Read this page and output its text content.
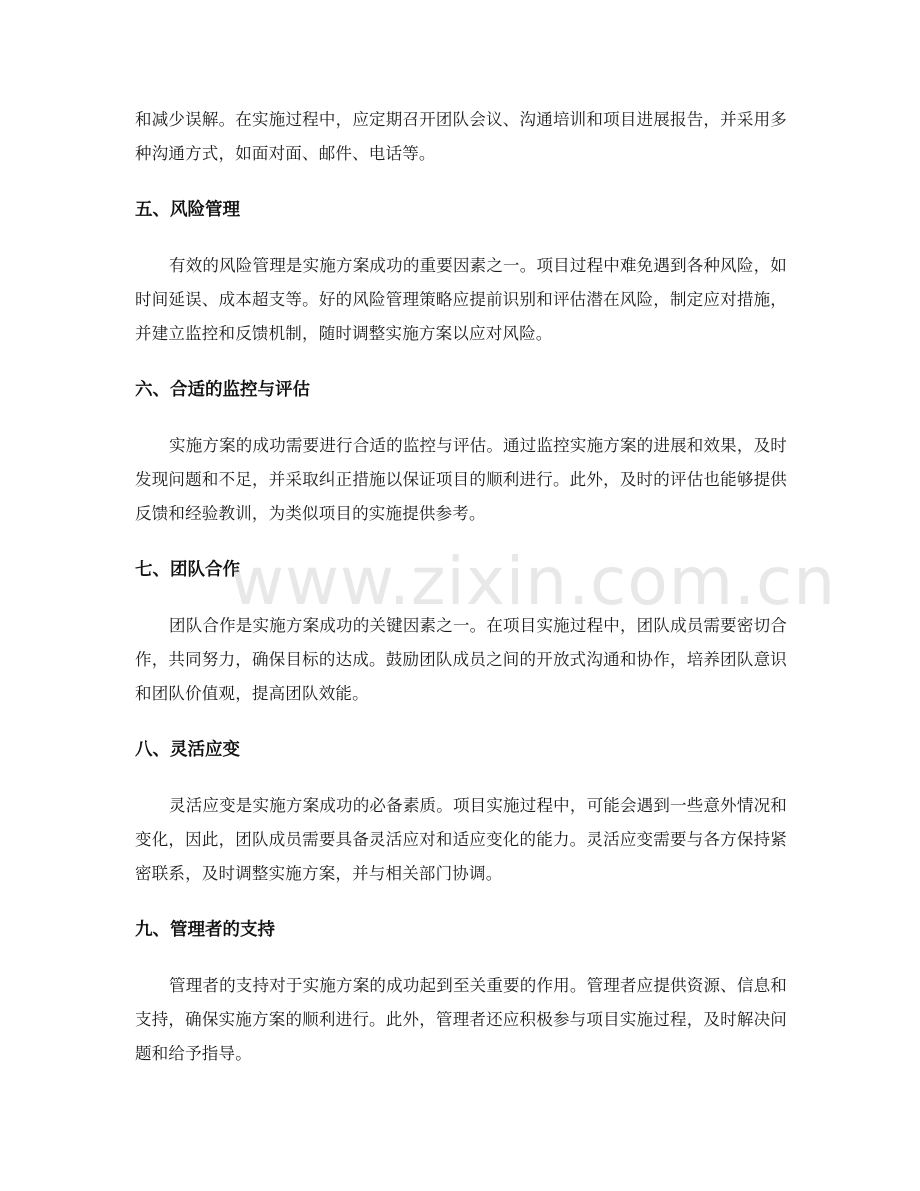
和减少误解。在实施过程中，应定期召开团队会议、沟通培训和项目进展报告，并采用多种沟通方式，如面对面、邮件、电话等。

五、风险管理

有效的风险管理是实施方案成功的重要因素之一。项目过程中难免遇到各种风险，如时间延误、成本超支等。好的风险管理策略应提前识别和评估潜在风险，制定应对措施，并建立监控和反馈机制，随时调整实施方案以应对风险。

六、合适的监控与评估

实施方案的成功需要进行合适的监控与评估。通过监控实施方案的进展和效果，及时发现问题和不足，并采取纠正措施以保证项目的顺利进行。此外，及时的评估也能够提供反馈和经验教训，为类似项目的实施提供参考。

七、团队合作

团队合作是实施方案成功的关键因素之一。在项目实施过程中，团队成员需要密切合作，共同努力，确保目标的达成。鼓励团队成员之间的开放式沟通和协作，培养团队意识和团队价值观，提高团队效能。

八、灵活应变

灵活应变是实施方案成功的必备素质。项目实施过程中，可能会遇到一些意外情况和变化，因此，团队成员需要具备灵活应对和适应变化的能力。灵活应变需要与各方保持紧密联系，及时调整实施方案，并与相关部门协调。

九、管理者的支持

管理者的支持对于实施方案的成功起到至关重要的作用。管理者应提供资源、信息和支持，确保实施方案的顺利进行。此外，管理者还应积极参与项目实施过程，及时解决问题和给予指导。

www.zixin.com.cn
